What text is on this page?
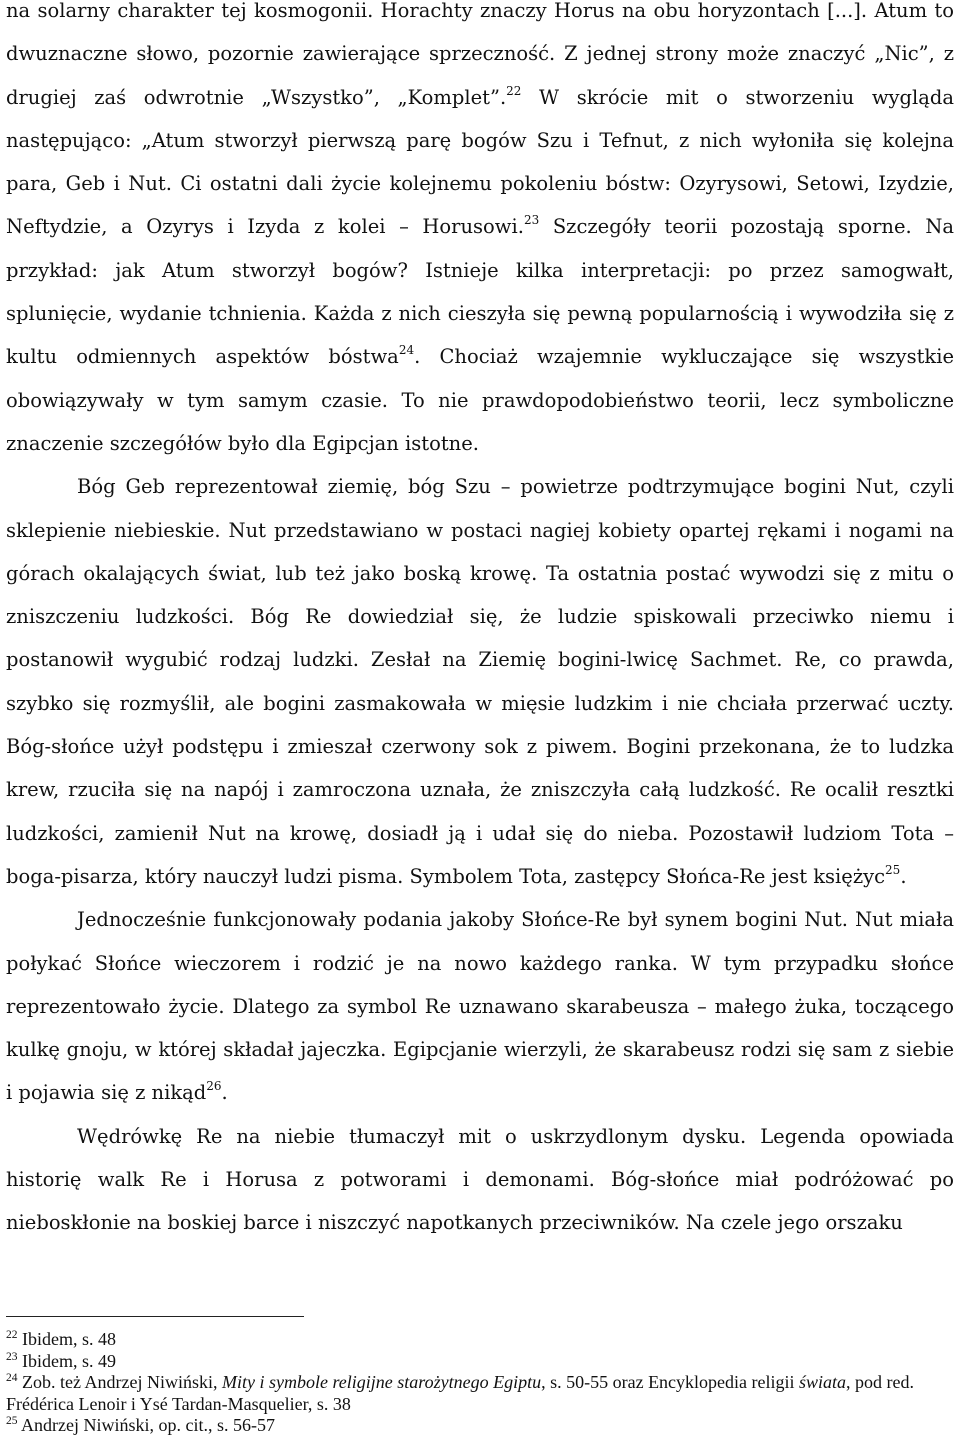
na solarny charakter tej kosmogonii. Horachty znaczy Horus na obu horyzontach [...]. Atum to dwuznaczne słowo, pozornie zawierające sprzeczność. Z jednej strony może znaczyć „Nic”, z drugiej zaś odwrotnie „Wszystko”, „Komplet”.$^{22}$ W skrócie mit o stworzeniu wygląda następująco: „Atum stworzył pierwszą parę bogów Szu i Tefnut, z nich wyłoniła się kolejna para, Geb i Nut. Ci ostatni dali życie kolejnemu pokoleniu bóstw: Ozyrysowi, Setowi, Izydzie, Neftydzie, a Ozyrys i Izyda z kolei – Horusowi.$^{23}$ Szczegóły teorii pozostają sporne. Na przykład: jak Atum stworzył bogów? Istnieje kilka interpretacji: po przez samogwałt, splunięcie, wydanie tchnienia. Każda z nich cieszyła się pewną popularnością i wywodziła się z kultu odmiennych aspektów bóstwa$^{24}$. Chociaż wzajemnie wykluczające się wszystkie obowiązywały w tym samym czasie. To nie prawdopodobieństwo teorii, lecz symboliczne znaczenie szczegółów było dla Egipcjan istotne.

Bóg Geb reprezentował ziemię, bóg Szu – powietrze podtrzymujące bogini Nut, czyli sklepienie niebieskie. Nut przedstawiano w postaci nagiej kobiety opartej rękami i nogami na górach okalających świat, lub też jako boską krowę. Ta ostatnia postać wywodzi się z mitu o zniszczeniu ludzkości. Bóg Re dowiedział się, że ludzie spiskowali przeciwko niemu i postanowił wygubić rodzaj ludzki. Zesłał na Ziemię bogini-lwicę Sachmet. Re, co prawda, szybko się rozmyślił, ale bogini zasmakowała w mięsie ludzkim i nie chciała przerwać uczty. Bóg-słońce użył podstępu i zmieszał czerwony sok z piwem. Bogini przekonana, że to ludzka krew, rzuciła się na napój i zamroczona uznała, że zniszczyła całą ludzkość. Re ocalił resztki ludzkości, zamienił Nut na krowę, dosiadł ją i udał się do nieba. Pozostawił ludziom Tota – boga-pisarza, który nauczył ludzi pisma. Symbolem Tota, zastępcy Słońca-Re jest księżyc$^{25}$.

Jednocześnie funkcjonowały podania jakoby Słońce-Re był synem bogini Nut. Nut miała połykać Słońce wieczorem i rodzić je na nowo każdego ranka. W tym przypadku słońce reprezentowało życie. Dlatego za symbol Re uznawano skarabeusza – małego żuka, toczącego kulkę gnoju, w której składał jajeczka. Egipcjanie wierzyli, że skarabeusz rodzi się sam z siebie i pojawia się z nikąd$^{26}$.

Wędrówkę Re na niebie tłumaczył mit o uskrzydlonym dysku. Legenda opowiada historię walk Re i Horusa z potworami i demonami. Bóg-słońce miał podróżować po nieboskłonie na boskiej barce i niszczyć napotkanych przeciwników. Na czele jego orszaku

$^{22}$ Ibidem, s. 48

$^{23}$ Ibidem, s. 49

$^{24}$ Zob. też Andrzej Niwiński, Mity i symbole religijne starożytnego Egiptu, s. 50-55 oraz Encyklopedia religii świata, pod red. Frédérica Lenoir i Ysé Tardan-Masquelier, s. 38

$^{25}$ Andrzej Niwiński, op. cit., s. 56-57
